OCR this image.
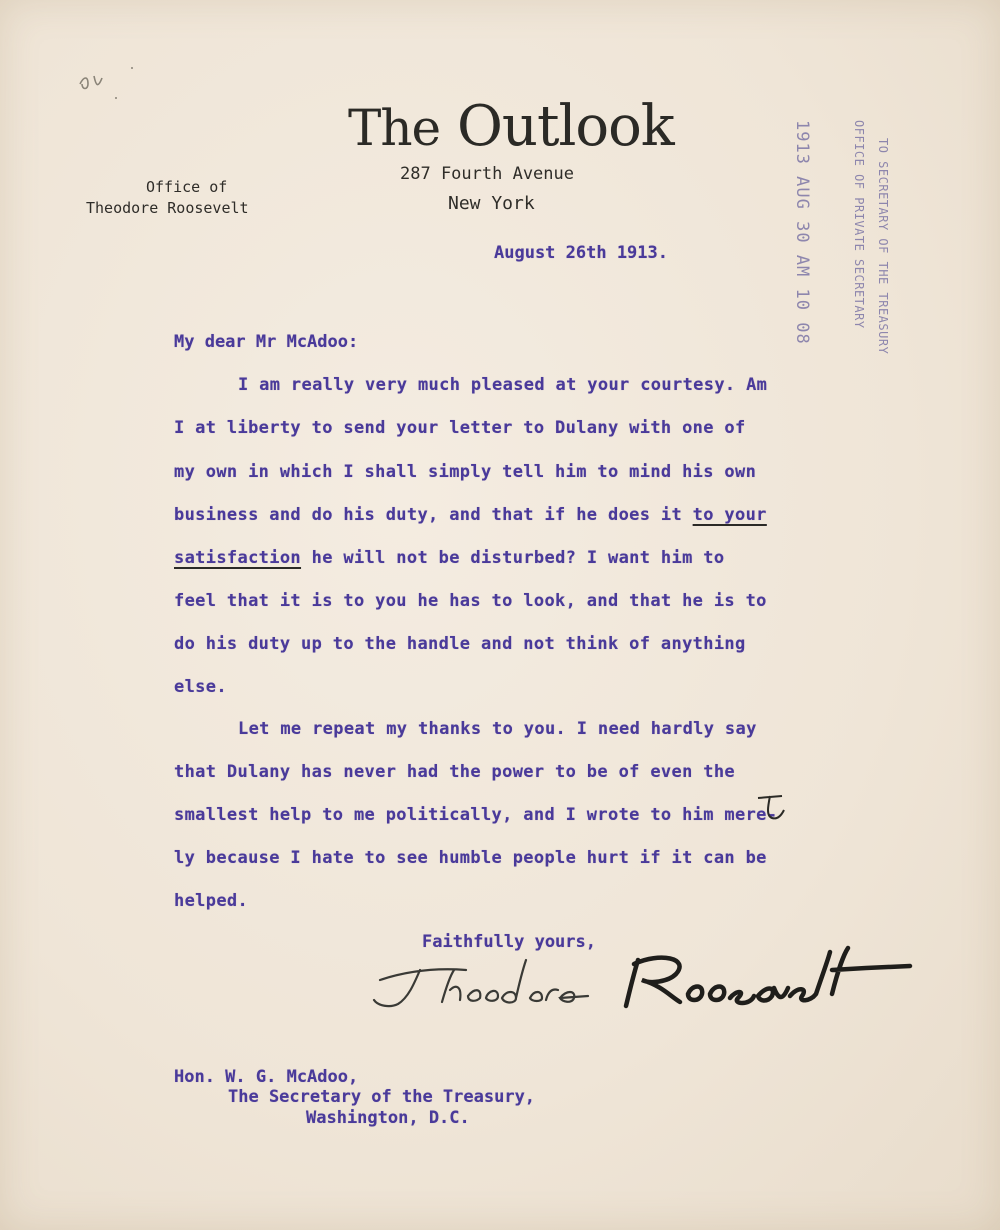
The Outlook
287 Fourth Avenue
New York
Office of
Theodore Roosevelt	1913 AUG 30 AM 10 08	OFFICE OF PRIVATE SECRETARY TO SECRETARY OF THE TREASURY
August 26th 1913.
My dear Mr McAdoo:
I am really very much pleased at your courtesy. Am
I at liberty to send your letter to Dulany with one of
my own in which I shall simply tell him to mind his own
business and do his duty, and that if he does it to your
satisfaction he will not be disturbed? I want him to
feel that it is to you he has to look, and that he is to
do his duty up to the handle and not think of anything
else.
Let me repeat my thanks to you. I need hardly say
that Dulany has never had the power to be of even the
smallest help to me politically, and I wrote to him mere-
ly because I hate to see humble people hurt if it can be
helped.
Faithfully yours,
Hon. W. G. McAdoo,
The Secretary of the Treasury,
Washington, D.C.
